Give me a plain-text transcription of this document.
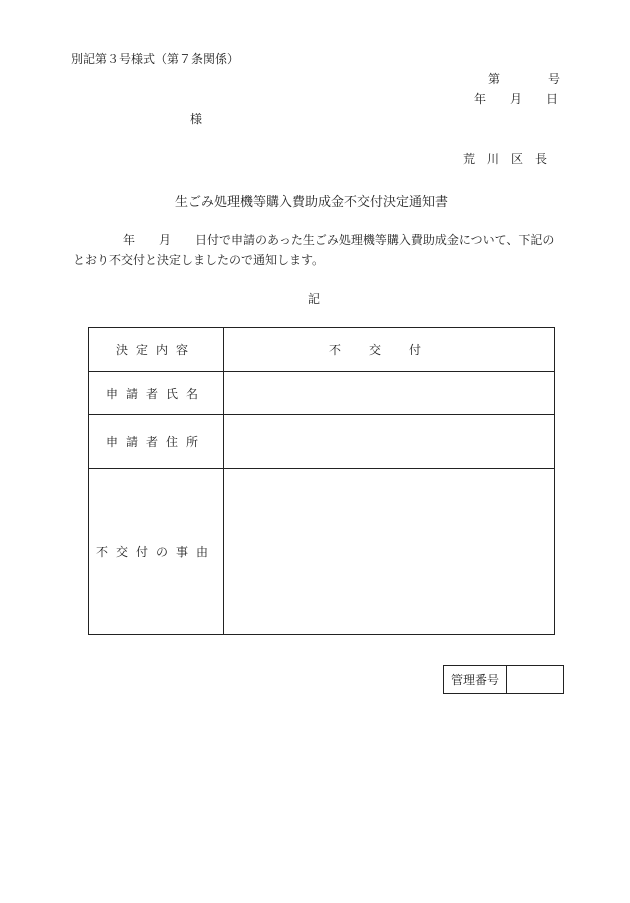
別記第３号様式（第７条関係）
第　　　　号
年　　月　　日
様
荒　川　区　長
生ごみ処理機等購入費助成金不交付決定通知書
年　　月　　日付で申請のあった生ごみ処理機等購入費助成金について、下記のとおり不交付と決定しましたので通知します。
記
決定内容	不交付
申請者氏名	
申請者住所	
不交付の事由	
管理番号	
